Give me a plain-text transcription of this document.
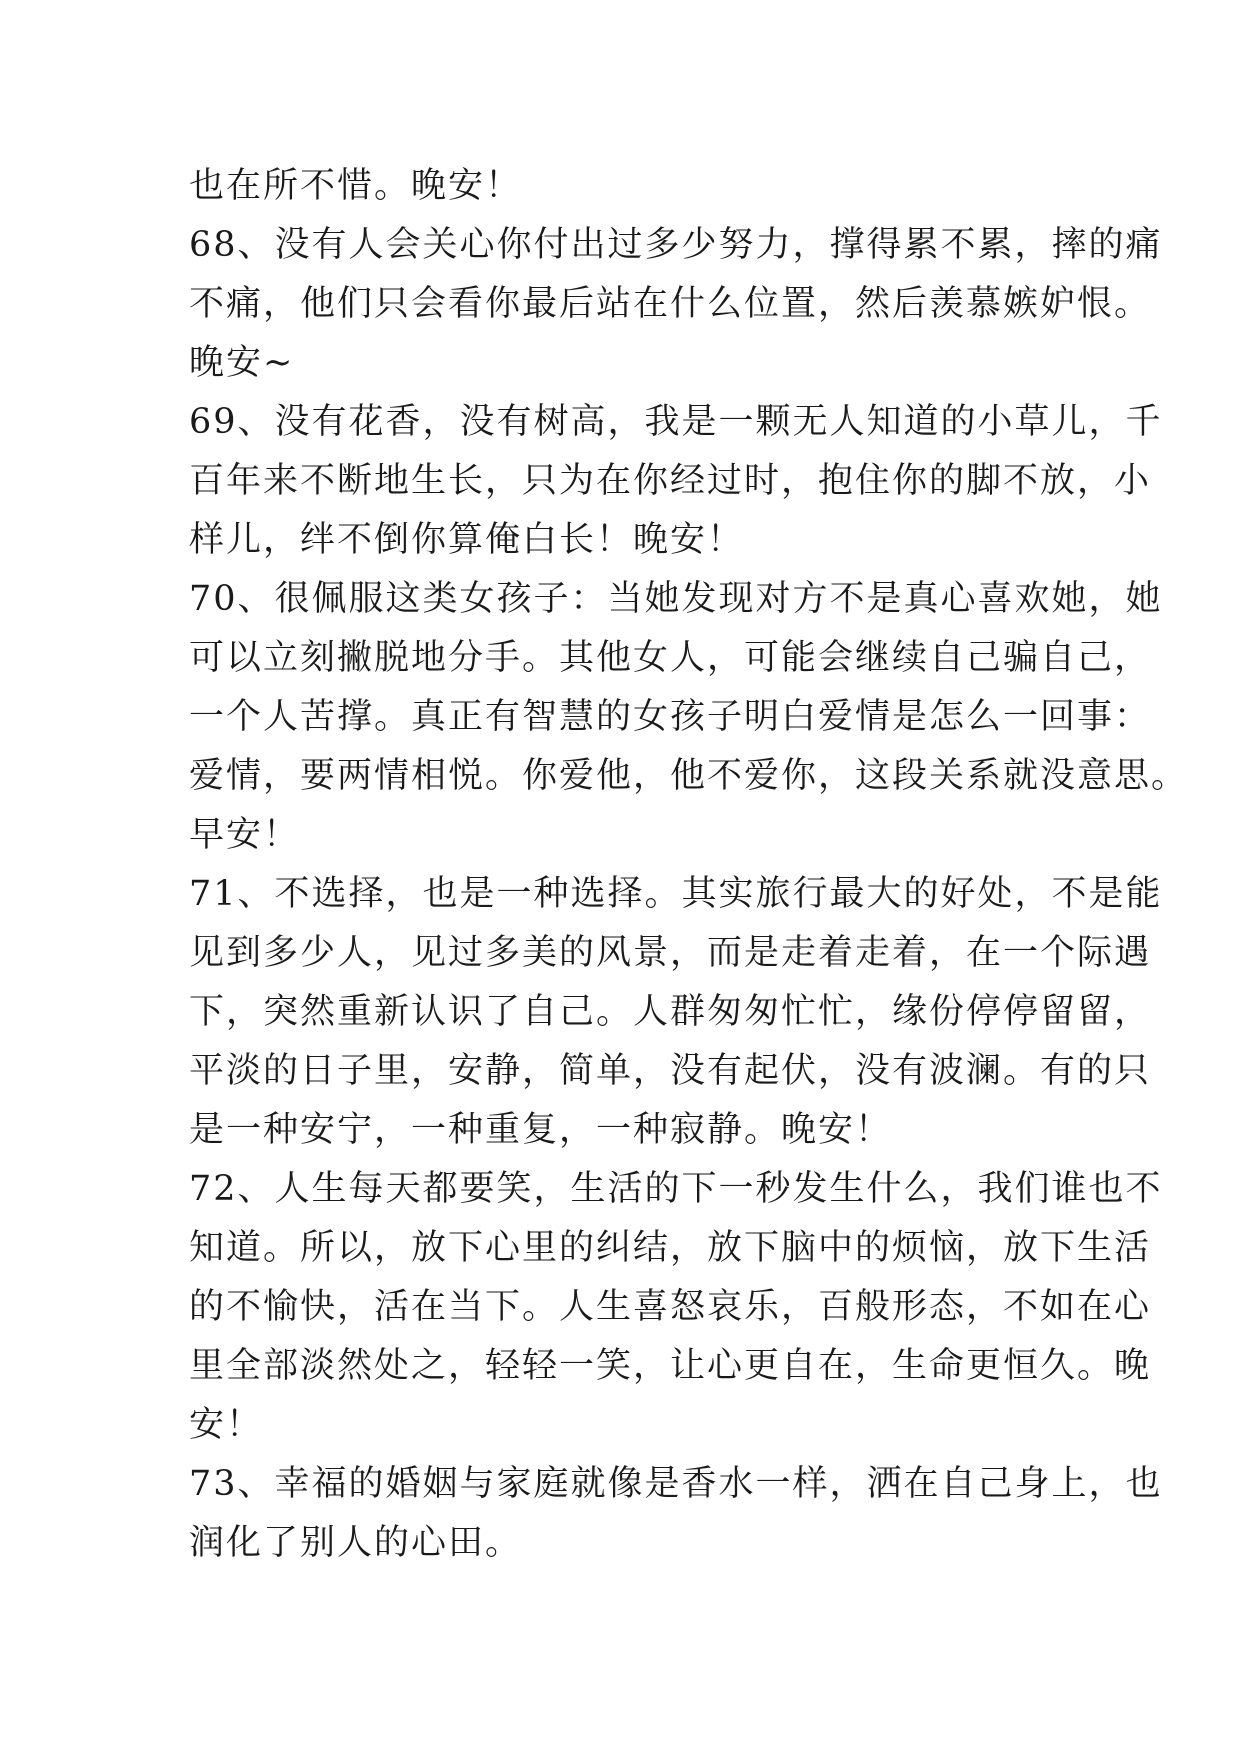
也在所不惜。晚安！
68、没有人会关心你付出过多少努力，撑得累不累，摔的痛
不痛，他们只会看你最后站在什么位置，然后羡慕嫉妒恨。
晚安~
69、没有花香，没有树高，我是一颗无人知道的小草儿，千
百年来不断地生长，只为在你经过时，抱住你的脚不放，小
样儿，绊不倒你算俺白长！晚安！
70、很佩服这类女孩子：当她发现对方不是真心喜欢她，她
可以立刻撇脱地分手。其他女人，可能会继续自己骗自己，
一个人苦撑。真正有智慧的女孩子明白爱情是怎么一回事：
爱情，要两情相悦。你爱他，他不爱你，这段关系就没意思。
早安！
71、不选择，也是一种选择。其实旅行最大的好处，不是能
见到多少人，见过多美的风景，而是走着走着，在一个际遇
下，突然重新认识了自己。人群匆匆忙忙，缘份停停留留，
平淡的日子里，安静，简单，没有起伏，没有波澜。有的只
是一种安宁，一种重复，一种寂静。晚安！
72、人生每天都要笑，生活的下一秒发生什么，我们谁也不
知道。所以，放下心里的纠结，放下脑中的烦恼，放下生活
的不愉快，活在当下。人生喜怒哀乐，百般形态，不如在心
里全部淡然处之，轻轻一笑，让心更自在，生命更恒久。晚
安！
73、幸福的婚姻与家庭就像是香水一样，洒在自己身上，也
润化了别人的心田。
